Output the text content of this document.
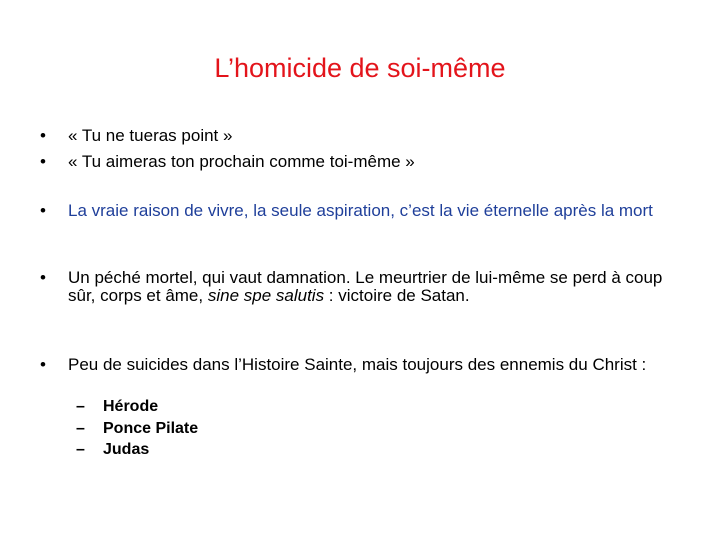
L’homicide de soi-même
•	« Tu ne tueras point »
•	« Tu aimeras ton prochain comme toi-même »
•	La vraie raison de vivre, la seule aspiration, c’est la vie éternelle après la mort
•	Un péché mortel, qui vaut damnation. Le meurtrier de lui-même se perd à coup sûr, corps et âme, sine spe salutis : victoire de Satan.
•	Peu de suicides dans l’Histoire Sainte, mais toujours des ennemis du Christ :
–	Hérode
–	Ponce Pilate
–	Judas
